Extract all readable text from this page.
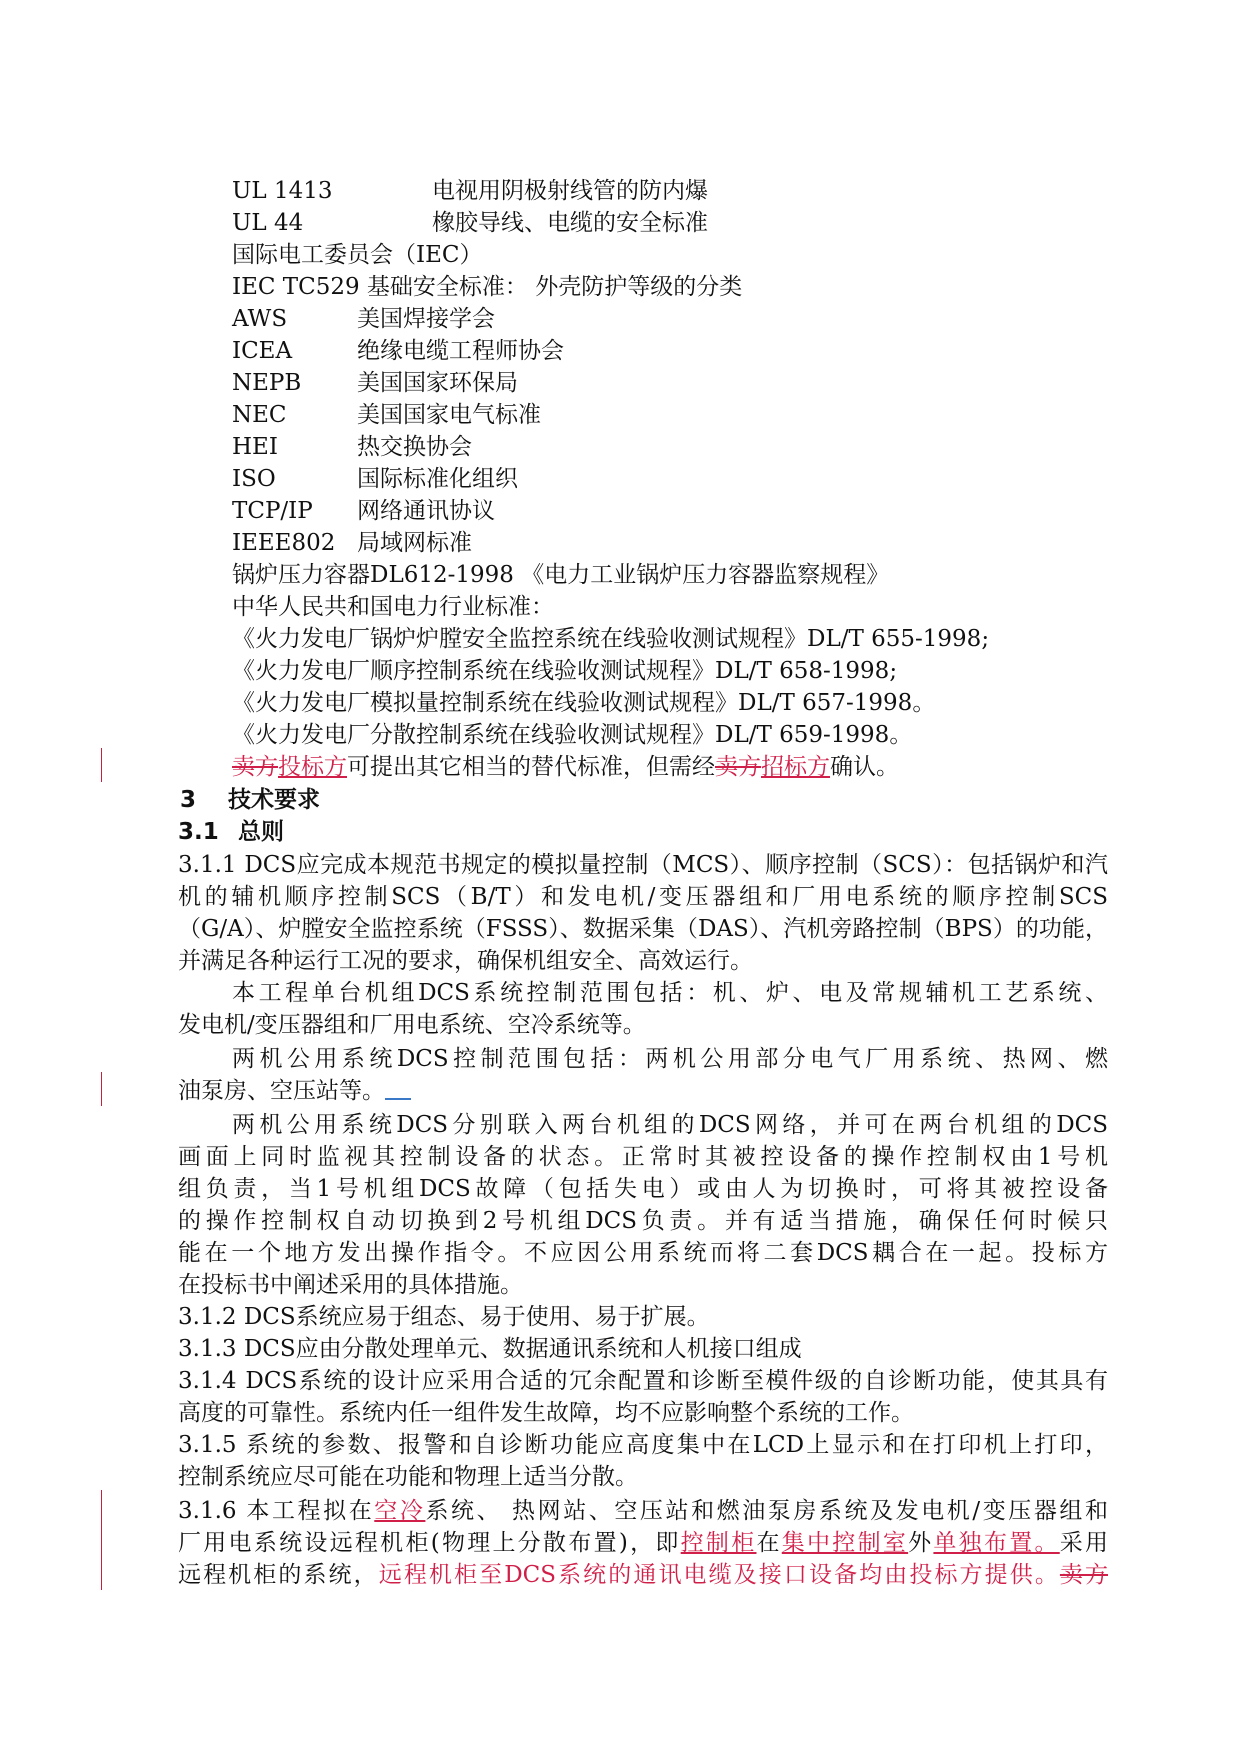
UL 1413	电视用阴极射线管的防内爆
UL 44	橡胶导线、电缆的安全标准
国际电工委员会（IEC）
IEC TC529 基础安全标准： 外壳防护等级的分类
AWS	美国焊接学会
ICEA	绝缘电缆工程师协会
NEPB 美国国家环保局
NEC	美国国家电气标准
HEI	热交换协会
ISO	国际标准化组织
TCP/IP 网络通讯协议
IEEE802 局域网标准
锅炉压力容器DL612-1998 《电力工业锅炉压力容器监察规程》
中华人民共和国电力行业标准：
《火力发电厂锅炉炉膛安全监控系统在线验收测试规程》DL/T 655-1998;
《火力发电厂顺序控制系统在线验收测试规程》DL/T 658-1998;
《火力发电厂模拟量控制系统在线验收测试规程》DL/T 657-1998。
《火力发电厂分散控制系统在线验收测试规程》DL/T 659-1998。
卖方投标方可提出其它相当的替代标准，但需经卖方招标方确认。
3 技术要求
3.1 总则
3.1.1 DCS应完成本规范书规定的模拟量控制（MCS）、顺序控制（SCS）：包括锅炉和汽
机的辅机顺序控制SCS（B/T）和发电机/变压器组和厂用电系统的顺序控制SCS
（G/A）、炉膛安全监控系统（FSSS）、数据采集（DAS）、汽机旁路控制（BPS）的功能，
并满足各种运行工况的要求，确保机组安全、高效运行。
本工程单台机组DCS系统控制范围包括：机、炉、电及常规辅机工艺系统、
发电机/变压器组和厂用电系统、空冷系统等。
两机公用系统DCS控制范围包括：两机公用部分电气厂用系统、热网、燃
油泵房、空压站等。
两机公用系统DCS分别联入两台机组的DCS网络，并可在两台机组的DCS
画面上同时监视其控制设备的状态。正常时其被控设备的操作控制权由1号机
组负责，当1号机组DCS故障（包括失电）或由人为切换时，可将其被控设备
的操作控制权自动切换到2号机组DCS负责。并有适当措施，确保任何时候只
能在一个地方发出操作指令。不应因公用系统而将二套DCS耦合在一起。投标方
在投标书中阐述采用的具体措施。
3.1.2 DCS系统应易于组态、易于使用、易于扩展。
3.1.3 DCS应由分散处理单元、数据通讯系统和人机接口组成
3.1.4 DCS系统的设计应采用合适的冗余配置和诊断至模件级的自诊断功能，使其具有
高度的可靠性。系统内任一组件发生故障，均不应影响整个系统的工作。
3.1.5 系统的参数、报警和自诊断功能应高度集中在LCD上显示和在打印机上打印，
控制系统应尽可能在功能和物理上适当分散。
3.1.6 本工程拟在空冷系统、 热网站、空压站和燃油泵房系统及发电机/变压器组和
厂用电系统设远程机柜(物理上分散布置)，即控制柜在集中控制室外单独布置。采用
远程机柜的系统，远程机柜至DCS系统的通讯电缆及接口设备均由投标方提供。卖方
